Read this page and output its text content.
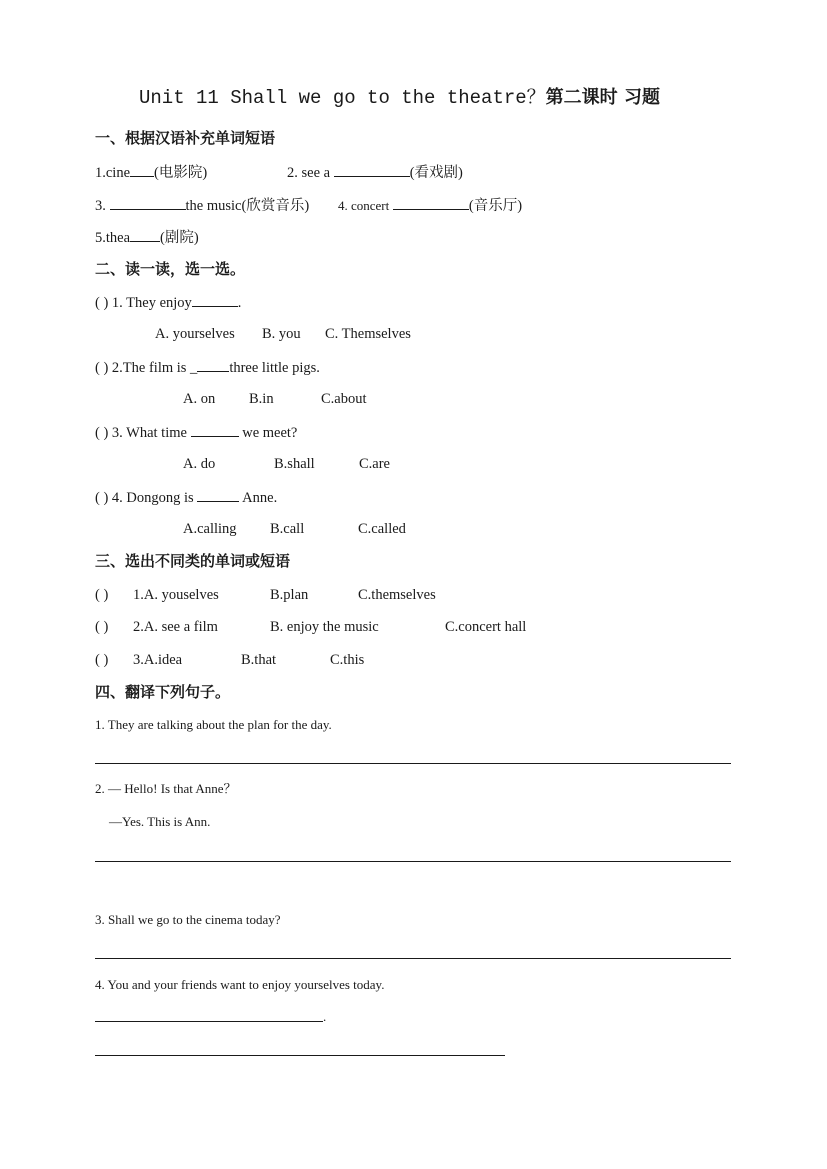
Unit 11 Shall we go to the theatre？第二课时 习题
一、根据汉语补充单词短语
1.cine (电影院)	2. see a	(看戏剧)
3.	the music(欣赏音乐) 4. concert	(音乐厅)
5.thea (剧院)
二、读一读，选一选。
( ) 1. They enjoy	.
A. yourselves B. you C. Themselves
( ) 2.The film is _ three little pigs.
A. on B.in	C.about
( ) 3. What time	we meet?
A. do	B.shall	C.are
( ) 4. Dongong is	Anne.
A.calling B.call	C.called
三、选出不同类的单词或短语
( ) 1.A. yousel​ves	B.plan	C.themselves
( ) 2.A. see a film	B. enjoy the music	C.concert hall
( ) 3.A.idea	B.that	C.this
四、翻译下列句子。
1. They are talking about the plan for the day.
2. — Hello! Is that Anne？
—Yes. This is Ann.
3. Shall we go to the cinema today?
4. You and your friends want to enjoy yourselves today.
.
